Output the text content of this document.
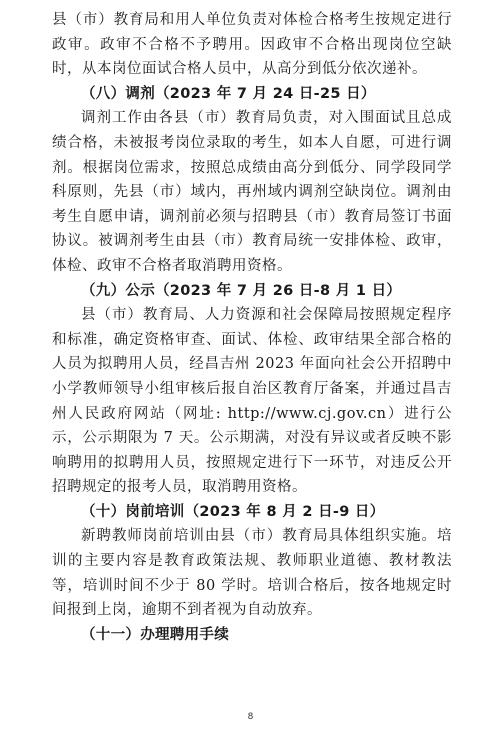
县（市）教育局和用人单位负责对体检合格考生按规定进行政审。政审不合格不予聘用。因政审不合格出现岗位空缺时，从本岗位面试合格人员中，从高分到低分依次递补。

（八）调剂（2023 年 7 月 24 日-25 日）

调剂工作由各县（市）教育局负责，对入围面试且总成绩合格，未被报考岗位录取的考生，如本人自愿，可进行调剂。根据岗位需求，按照总成绩由高分到低分、同学段同学科原则，先县（市）域内，再州域内调剂空缺岗位。调剂由考生自愿申请，调剂前必须与招聘县（市）教育局签订书面协议。被调剂考生由县（市）教育局统一安排体检、政审，体检、政审不合格者取消聘用资格。

（九）公示（2023 年 7 月 26 日-8 月 1 日）

县（市）教育局、人力资源和社会保障局按照规定程序和标准，确定资格审查、面试、体检、政审结果全部合格的人员为拟聘用人员，经昌吉州 2023 年面向社会公开招聘中小学教师领导小组审核后报自治区教育厅备案，并通过昌吉州人民政府网站（网址: http://www.cj.gov.cn）进行公示，公示期限为 7 天。公示期满，对没有异议或者反映不影响聘用的拟聘用人员，按照规定进行下一环节，对违反公开招聘规定的报考人员，取消聘用资格。

（十）岗前培训（2023 年 8 月 2 日-9 日）

新聘教师岗前培训由县（市）教育局具体组织实施。培训的主要内容是教育政策法规、教师职业道德、教材教法等，培训时间不少于 80 学时。培训合格后，按各地规定时间报到上岗，逾期不到者视为自动放弃。

（十一）办理聘用手续

8
